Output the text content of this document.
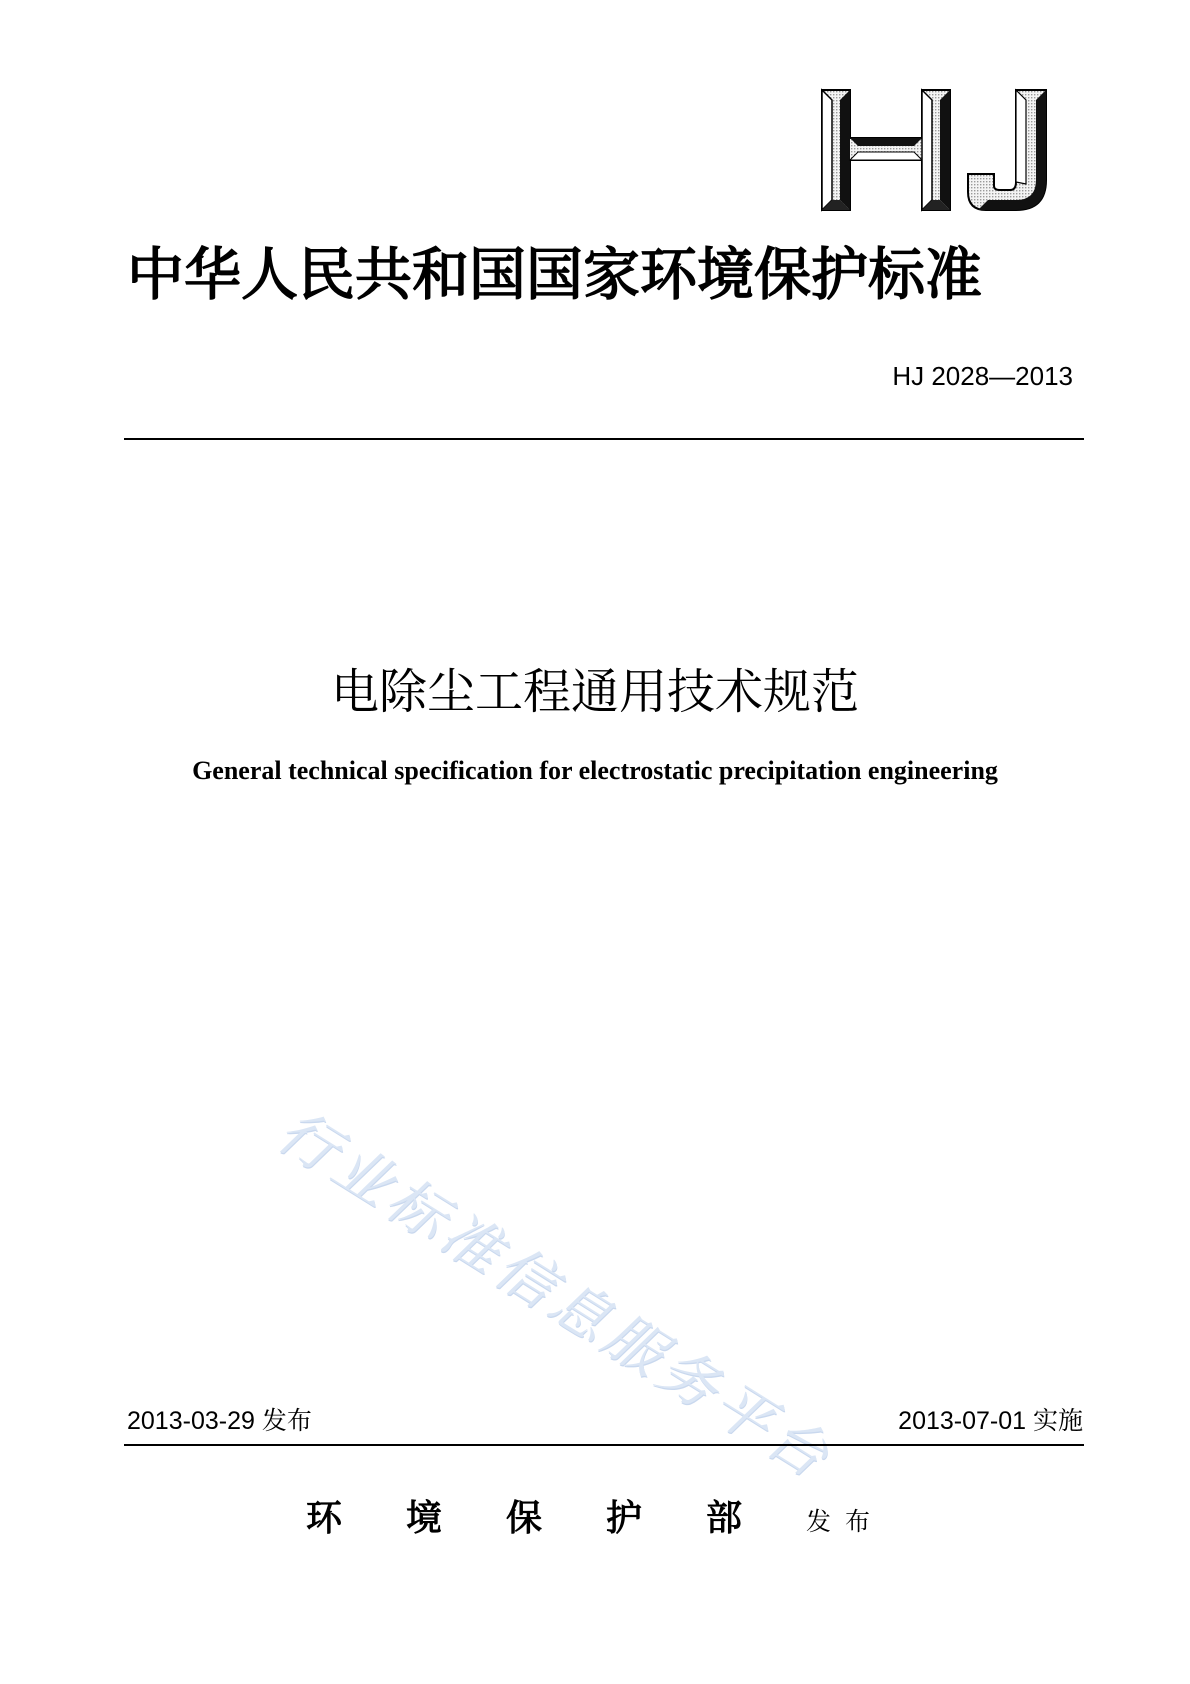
中华人民共和国国家环境保护标准
HJ 2028—2013
电除尘工程通用技术规范
General technical specification for electrostatic precipitation engineering
行业标准信息服务平台
2013-03-29 发布	2013-07-01 实施
环境保护部发布
